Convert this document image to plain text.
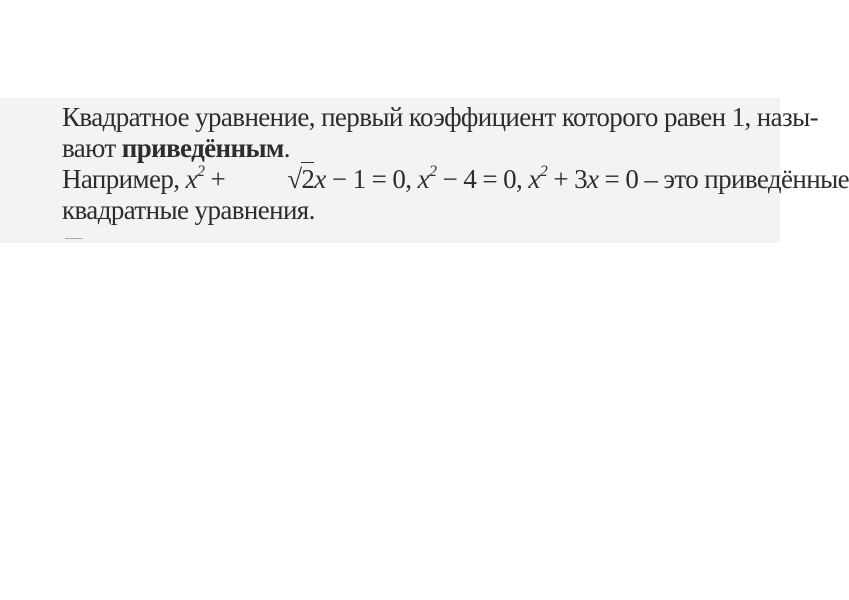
Квадратное уравнение, первый коэффициент которого равен 1, назы-
вают приведённым.

Например, $x^2$ + √	2x − 1 = 0, $x^2 - 4 = 0$, $x^2 + 3x = 0$ – это приведённые
квадратные уравнения.
